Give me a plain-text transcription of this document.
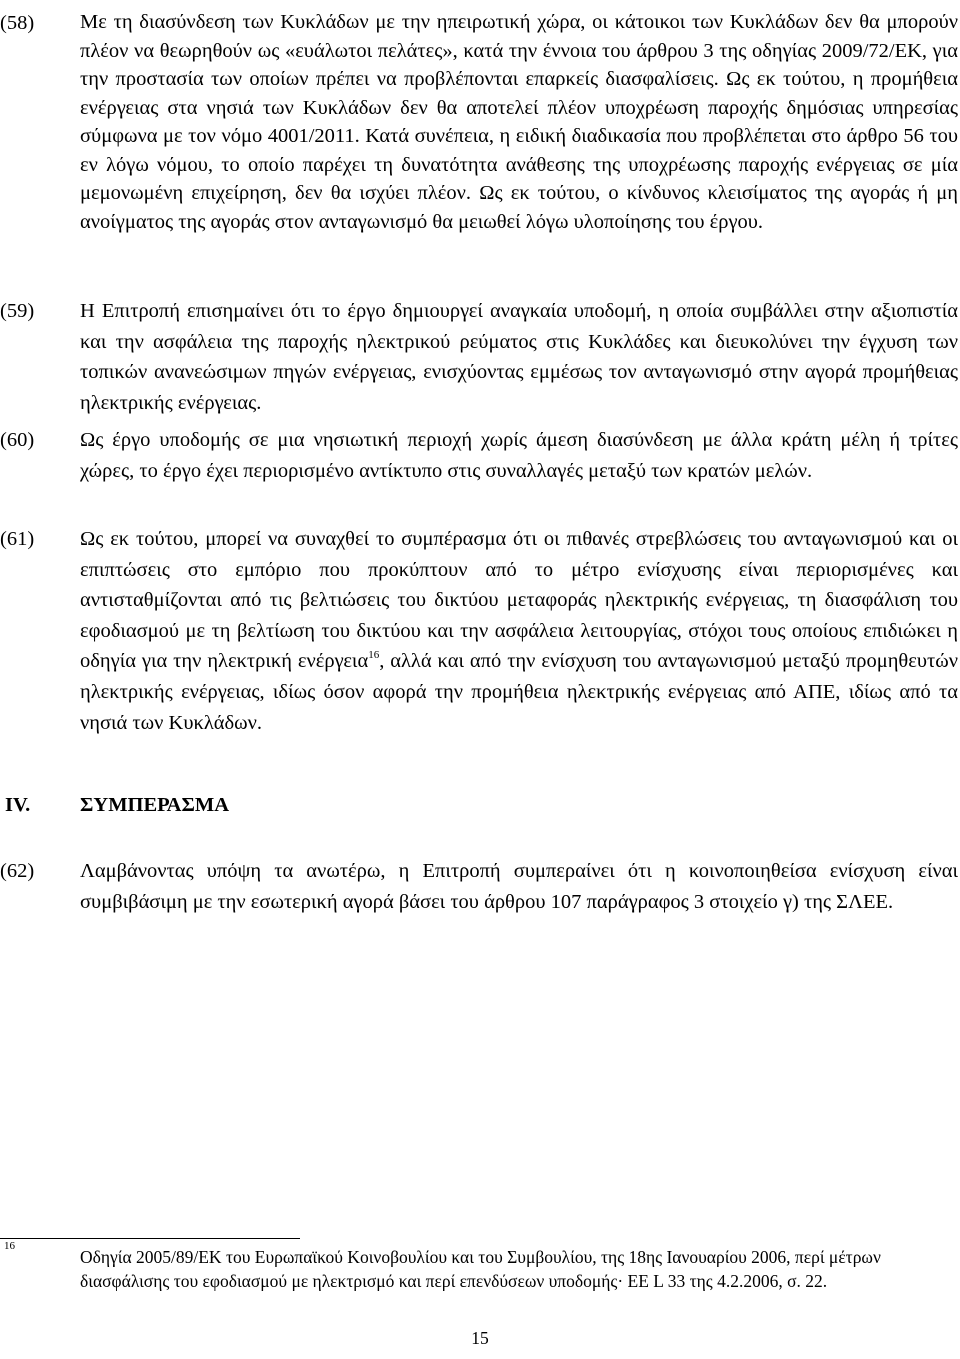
(58)	Με τη διασύνδεση των Κυκλάδων με την ηπειρωτική χώρα, οι κάτοικοι των Κυκλάδων δεν θα μπορούν πλέον να θεωρηθούν ως «ευάλωτοι πελάτες», κατά την έννοια του άρθρου 3 της οδηγίας 2009/72/ΕΚ, για την προστασία των οποίων πρέπει να προβλέπονται επαρκείς διασφαλίσεις. Ως εκ τούτου, η προμήθεια ενέργειας στα νησιά των Κυκλάδων δεν θα αποτελεί πλέον υποχρέωση παροχής δημόσιας υπηρεσίας σύμφωνα με τον νόμο 4001/2011. Κατά συνέπεια, η ειδική διαδικασία που προβλέπεται στο άρθρο 56 του εν λόγω νόμου, το οποίο παρέχει τη δυνατότητα ανάθεσης της υποχρέωσης παροχής ενέργειας σε μία μεμονωμένη επιχείρηση, δεν θα ισχύει πλέον. Ως εκ τούτου, ο κίνδυνος κλεισίματος της αγοράς ή μη ανοίγματος της αγοράς στον ανταγωνισμό θα μειωθεί λόγω υλοποίησης του έργου.

(59)	Η Επιτροπή επισημαίνει ότι το έργο δημιουργεί αναγκαία υποδομή, η οποία συμβάλλει στην αξιοπιστία και την ασφάλεια της παροχής ηλεκτρικού ρεύματος στις Κυκλάδες και διευκολύνει την έγχυση των τοπικών ανανεώσιμων πηγών ενέργειας, ενισχύοντας εμμέσως τον ανταγωνισμό στην αγορά προμήθειας ηλεκτρικής ενέργειας.

(60)	Ως έργο υποδομής σε μια νησιωτική περιοχή χωρίς άμεση διασύνδεση με άλλα κράτη μέλη ή τρίτες χώρες, το έργο έχει περιορισμένο αντίκτυπο στις συναλλαγές μεταξύ των κρατών μελών.

(61)	Ως εκ τούτου, μπορεί να συναχθεί το συμπέρασμα ότι οι πιθανές στρεβλώσεις του ανταγωνισμού και οι επιπτώσεις στο εμπόριο που προκύπτουν από το μέτρο ενίσχυσης είναι περιορισμένες και αντισταθμίζονται από τις βελτιώσεις του δικτύου μεταφοράς ηλεκτρικής ενέργειας, τη διασφάλιση του εφοδιασμού με τη βελτίωση του δικτύου και την ασφάλεια λειτουργίας, στόχοι τους οποίους επιδιώκει η οδηγία για την ηλεκτρική ενέργεια$^{16}$, αλλά και από την ενίσχυση του ανταγωνισμού μεταξύ προμηθευτών ηλεκτρικής ενέργειας, ιδίως όσον αφορά την προμήθεια ηλεκτρικής ενέργειας από ΑΠΕ, ιδίως από τα νησιά των Κυκλάδων.

IV. ΣΥΜΠΕΡΑΣΜΑ
(62)	Λαμβάνοντας υπόψη τα ανωτέρω, η Επιτροπή συμπεραίνει ότι η κοινοποιηθείσα ενίσχυση είναι συμβιβάσιμη με την εσωτερική αγορά βάσει του άρθρου 107 παράγραφος 3 στοιχείο γ) της ΣΛΕΕ.

16

Οδηγία 2005/89/ΕΚ του Ευρωπαϊκού Κοινοβουλίου και του Συμβουλίου, της 18ης Ιανουαρίου 2006, περί μέτρων διασφάλισης του εφοδιασμού με ηλεκτρισμό και περί επενδύσεων υποδομής· ΕΕ L 33 της 4.2.2006, σ. 22.

15
